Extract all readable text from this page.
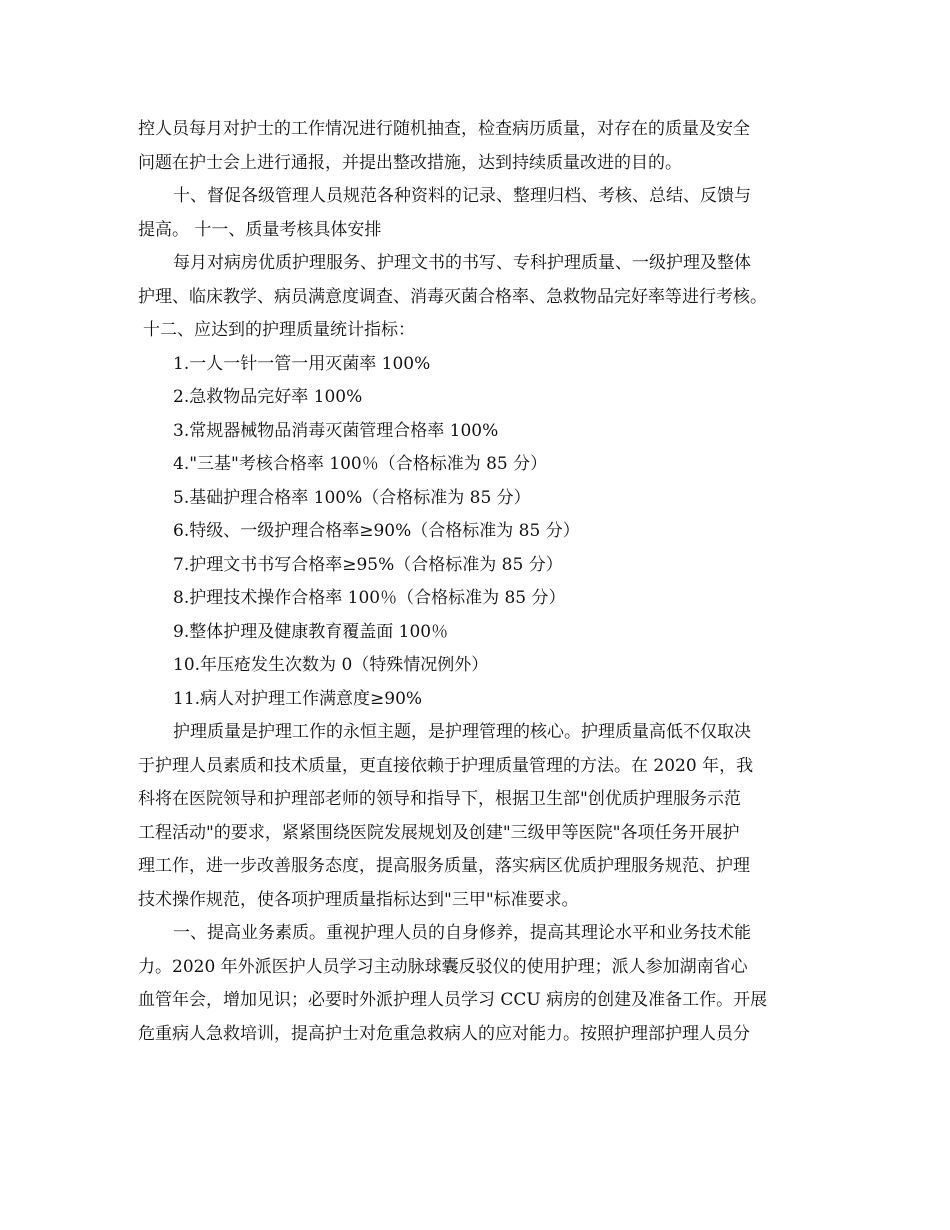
控人员每月对护士的工作情况进行随机抽查，检查病历质量，对存在的质量及安全
问题在护士会上进行通报，并提出整改措施，达到持续质量改进的目的。
十、督促各级管理人员规范各种资料的记录、整理归档、考核、总结、反馈与
提高。 十一、质量考核具体安排
每月对病房优质护理服务、护理文书的书写、专科护理质量、一级护理及整体
护理、临床教学、病员满意度调查、消毒灭菌合格率、急救物品完好率等进行考核。
十二、应达到的护理质量统计指标：
1.一人一针一管一用灭菌率 100%
2.急救物品完好率 100%
3.常规器械物品消毒灭菌管理合格率 100%
4."三基"考核合格率 100％（合格标准为 85 分）
5.基础护理合格率 100%（合格标准为 85 分）
6.特级、一级护理合格率≥90%（合格标准为 85 分）
7.护理文书书写合格率≥95%（合格标准为 85 分）
8.护理技术操作合格率 100％（合格标准为 85 分）
9.整体护理及健康教育覆盖面 100％
10.年压疮发生次数为 0（特殊情况例外）
11.病人对护理工作满意度≥90%
护理质量是护理工作的永恒主题，是护理管理的核心。护理质量高低不仅取决
于护理人员素质和技术质量，更直接依赖于护理质量管理的方法。在 2020 年，我
科将在医院领导和护理部老师的领导和指导下，根据卫生部"创优质护理服务示范
工程活动"的要求，紧紧围绕医院发展规划及创建"三级甲等医院"各项任务开展护
理工作，进一步改善服务态度，提高服务质量，落实病区优质护理服务规范、护理
技术操作规范，使各项护理质量指标达到"三甲"标准要求。
一、提高业务素质。重视护理人员的自身修养，提高其理论水平和业务技术能
力。2020 年外派医护人员学习主动脉球囊反驳仪的使用护理；派人参加湖南省心
血管年会，增加见识；必要时外派护理人员学习 CCU 病房的创建及准备工作。开展
危重病人急救培训，提高护士对危重急救病人的应对能力。按照护理部护理人员分
